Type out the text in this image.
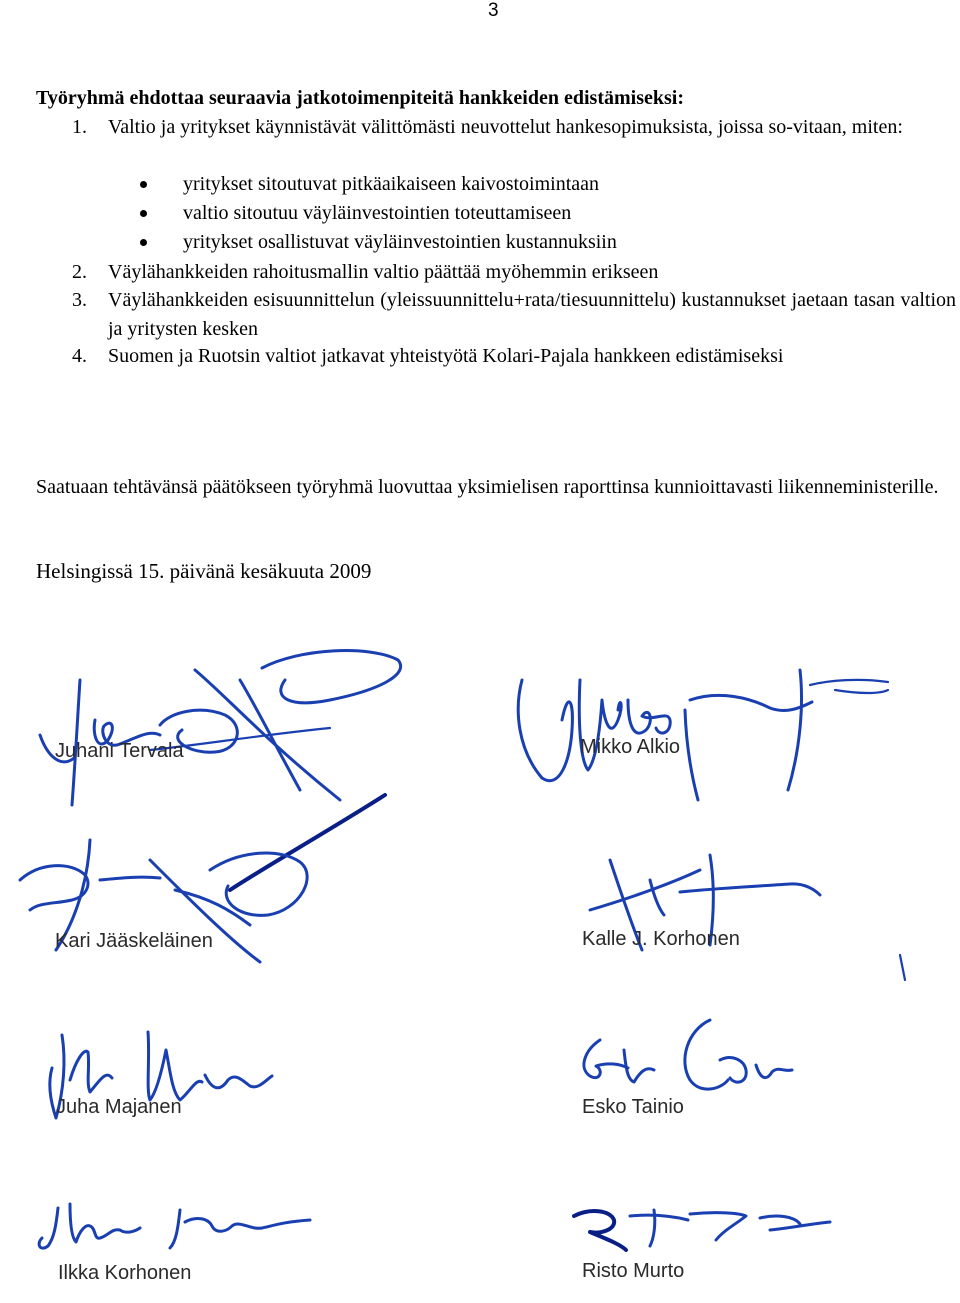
3
Työryhmä ehdottaa seuraavia jatkotoimenpiteitä hankkeiden edistämiseksi:
1. Valtio ja yritykset käynnistävät välittömästi neuvottelut hankesopimuksista, joissa so-vitaan, miten:
yritykset sitoutuvat pitkäaikaiseen kaivostoimintaan
valtio sitoutuu väyläinvestointien toteuttamiseen
yritykset osallistuvat väyläinvestointien kustannuksiin
2. Väylähankkeiden rahoitusmallin valtio päättää myöhemmin erikseen
3. Väylähankkeiden esisuunnittelun (yleissuunnittelu+rata/tiesuunnittelu) kustannukset jaetaan tasan valtion ja yritysten kesken
4. Suomen ja Ruotsin valtiot jatkavat yhteistyötä Kolari-Pajala hankkeen edistämiseksi
Saatuaan tehtävänsä päätökseen työryhmä luovuttaa yksimielisen raporttinsa kunnioittavasti liikenneministerille.
Helsingissä 15. päivänä kesäkuuta 2009
Juhani Tervala	Mikko Alkio
Kari Jääskeläinen	Kalle J. Korhonen
Juha Majanen	Esko Tainio
Ilkka Korhonen	Risto Murto
